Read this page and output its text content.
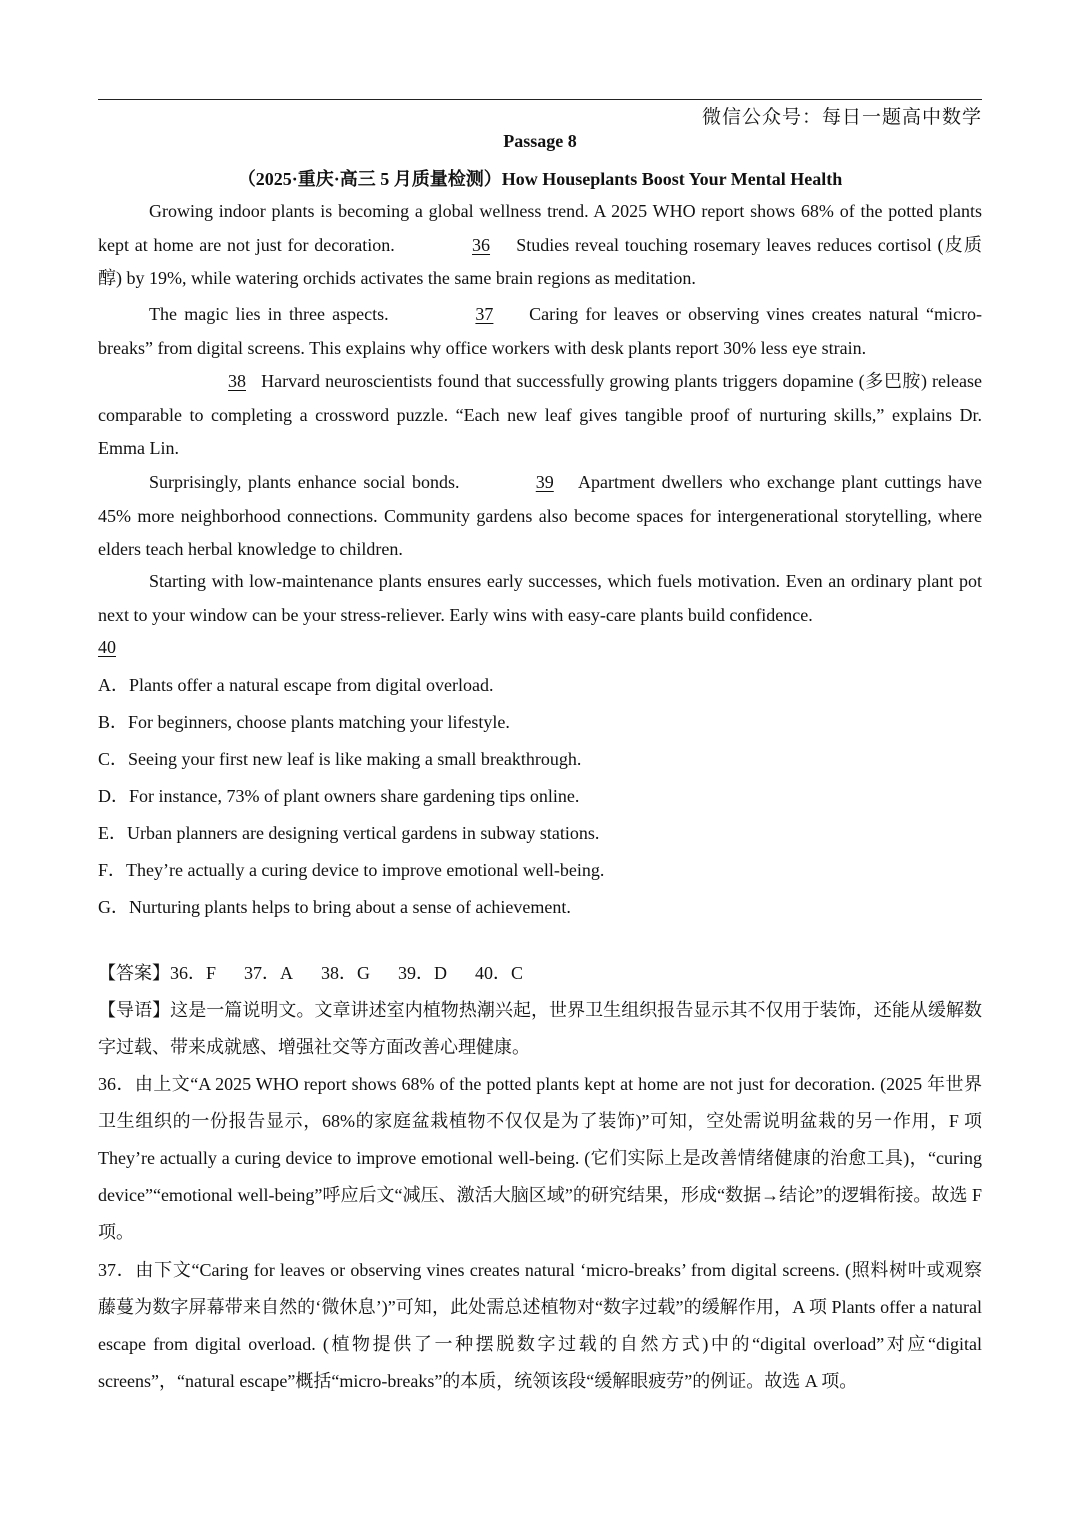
微信公众号：每日一题高中数学
Passage 8
（2025·重庆·高三 5 月质量检测）How Houseplants Boost Your Mental Health
Growing indoor plants is becoming a global wellness trend. A 2025 WHO report shows 68% of the potted plants kept at home are not just for decoration.	36 Studies reveal touching rosemary leaves reduces cortisol (皮质醇) by 19%, while watering orchids activates the same brain regions as meditation.
The magic lies in three aspects.	37 Caring for leaves or observing vines creates natural “micro-breaks” from digital screens. This explains why office workers with desk plants report 30% less eye strain.
38 Harvard neuroscientists found that successfully growing plants triggers dopamine (多巴胺) release comparable to completing a crossword puzzle. “Each new leaf gives tangible proof of nurturing skills,” explains Dr. Emma Lin.
Surprisingly, plants enhance social bonds.	39 Apartment dwellers who exchange plant cuttings have 45% more neighborhood connections. Community gardens also become spaces for intergenerational storytelling, where elders teach herbal knowledge to children.
Starting with low-maintenance plants ensures early successes, which fuels motivation. Even an ordinary plant pot next to your window can be your stress-reliever. Early wins with easy-care plants build confidence.
40
A．Plants offer a natural escape from digital overload.
B．For beginners, choose plants matching your lifestyle.
C．Seeing your first new leaf is like making a small breakthrough.
D．For instance, 73% of plant owners share gardening tips online.
E．Urban planners are designing vertical gardens in subway stations.
F．They’re actually a curing device to improve emotional well-being.
G．Nurturing plants helps to bring about a sense of achievement.
【答案】36．F 37．A 38．G 39．D 40．C
【导语】这是一篇说明文。文章讲述室内植物热潮兴起，世界卫生组织报告显示其不仅用于装饰，还能从缓解数字过载、带来成就感、增强社交等方面改善心理健康。
36．由上文“A 2025 WHO report shows 68% of the potted plants kept at home are not just for decoration. (2025 年世界卫生组织的一份报告显示，68%的家庭盆栽植物不仅仅是为了装饰)”可知，空处需说明盆栽的另一作用，F 项 They’re actually a curing device to improve emotional well-being. (它们实际上是改善情绪健康的治愈工具)，“curing device”“emotional well-being”呼应后文“减压、激活大脑区域”的研究结果，形成“数据→结论”的逻辑衔接。故选 F 项。
37．由下文“Caring for leaves or observing vines creates natural ‘micro-breaks’ from digital screens. (照料树叶或观察藤蔓为数字屏幕带来自然的‘微休息’)”可知，此处需总述植物对“数字过载”的缓解作用，A 项 Plants offer a natural escape from digital overload. (植物提供了一种摆脱数字过载的自然方式)中的“digital overload”对应“digital screens”，“natural escape”概括“micro-breaks”的本质，统领该段“缓解眼疲劳”的例证。故选 A 项。
